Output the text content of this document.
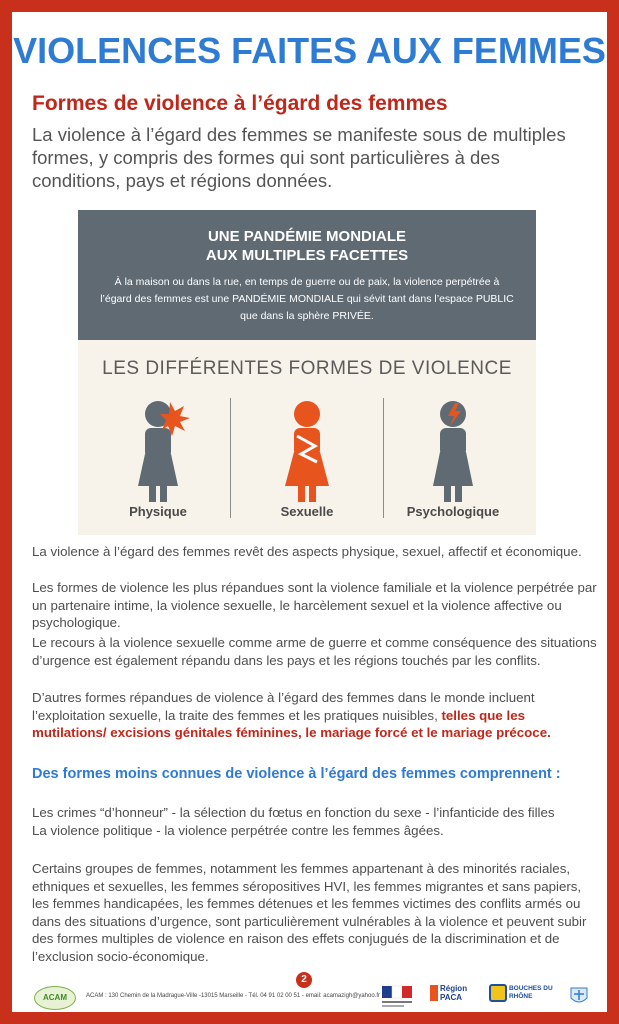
VIOLENCES FAITES AUX FEMMES
Formes de violence à l’égard des femmes
La violence à l’égard des femmes se manifeste sous de multiples formes, y compris des formes qui sont particulières à des conditions, pays et régions données.
UNE PANDÉMIE MONDIALE
AUX MULTIPLES FACETTES
À la maison ou dans la rue, en temps de guerre ou de paix, la violence perpétrée à l’égard des femmes est une PANDÉMIE MONDIALE qui sévit tant dans l’espace PUBLIC que dans la sphère PRIVÉE.
LES DIFFÉRENTES FORMES DE VIOLENCE
Physique	Sexuelle	Psychologique
La violence à l’égard des femmes revêt des aspects physique, sexuel, affectif et économique.
Les formes de violence les plus répandues sont la violence familiale et la violence perpétrée par un partenaire intime, la violence sexuelle, le harcèlement sexuel et la violence affective ou psychologique.
Le recours à la violence sexuelle comme arme de guerre et comme conséquence des situations d’urgence est également répandu dans les pays et les régions touchés par les conflits.
D’autres formes répandues de violence à l’égard des femmes dans le monde incluent l’exploitation sexuelle, la traite des femmes et les pratiques nuisibles, telles que les mutilations/ excisions génitales féminines, le mariage forcé et le mariage précoce.
Des formes moins connues de violence à l’égard des femmes comprennent :
Les crimes “d’honneur” - la sélection du fœtus en fonction du sexe - l’infanticide des filles
La violence politique - la violence perpétrée contre les femmes âgées.
Certains groupes de femmes, notamment les femmes appartenant à des minorités raciales, ethniques et sexuelles, les femmes séropositives HVI, les femmes migrantes et sans papiers, les femmes handicapées, les femmes détenues et les femmes victimes des conflits armés ou dans des situations d’urgence, sont particulièrement vulnérables à la violence et peuvent subir des formes multiples de violence en raison des effets conjugués de la discrimination et de l’exclusion socio-économique.
ACAM	ACAM : 130 Chemin de la Madrague-Ville -13015 Marseille - Tél. 04 91 02 00 51 - email: acamazigh@yahoo.fr
2
Région PACA
BOUCHES DU RHÔNE
